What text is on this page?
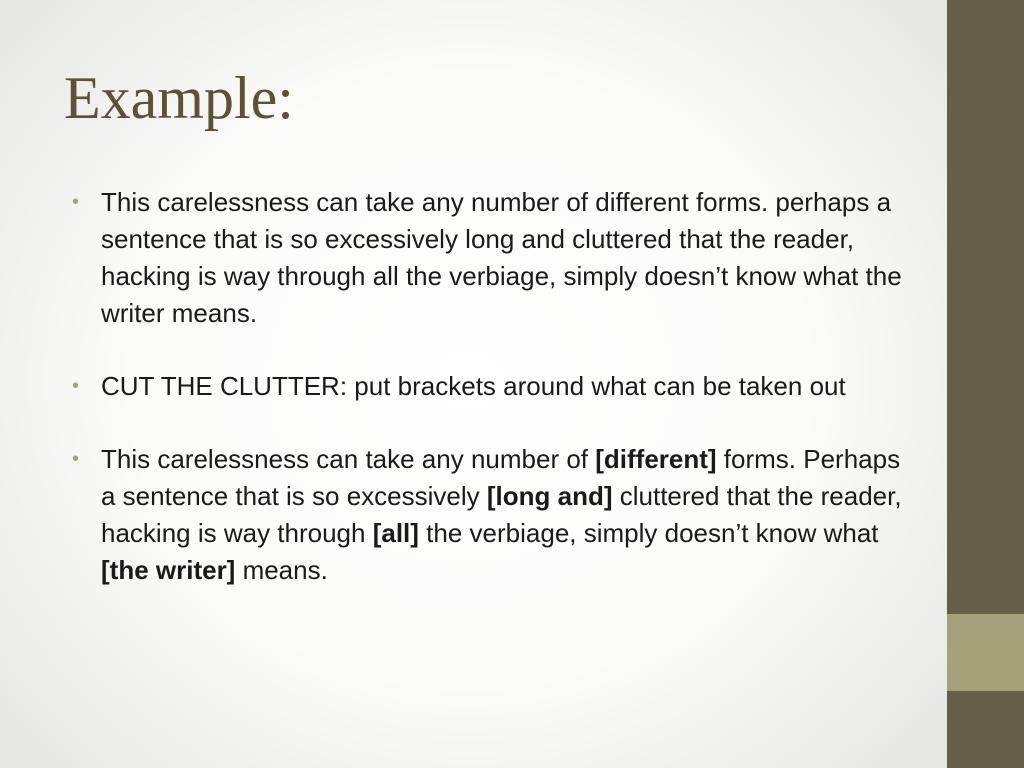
Example:
• This carelessness can take any number of different forms. perhaps a sentence that is so excessively long and cluttered that the reader, hacking is way through all the verbiage, simply doesn’t know what the writer means.
• CUT THE CLUTTER: put brackets around what can be taken out
• This carelessness can take any number of [different] forms. Perhaps a sentence that is so excessively [long and] cluttered that the reader, hacking is way through [all] the verbiage, simply doesn’t know what [the writer] means.
